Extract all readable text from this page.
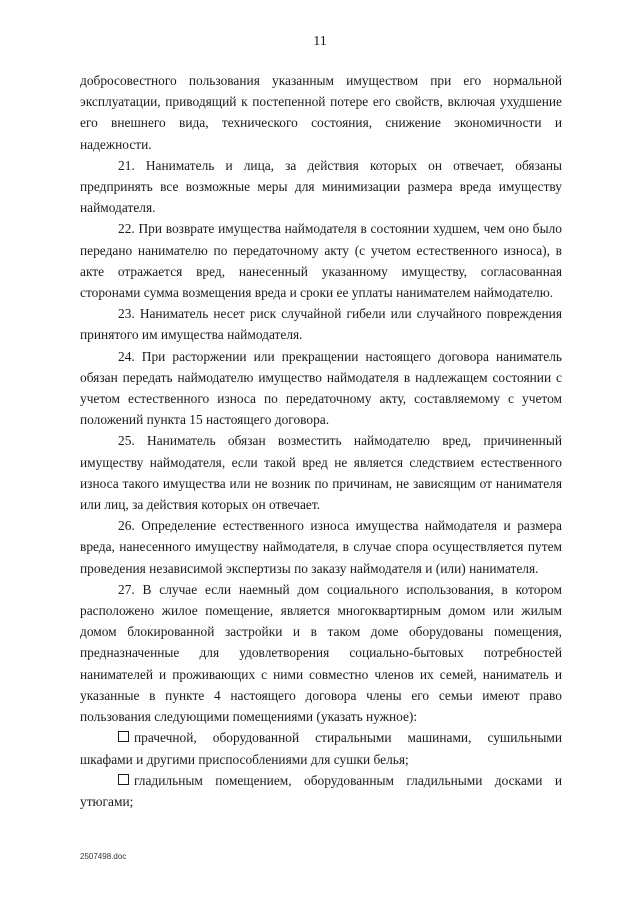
11

добросовестного пользования указанным имуществом при его нормальной эксплуатации, приводящий к постепенной потере его свойств, включая ухудшение его внешнего вида, технического состояния, снижение экономичности и надежности.

21. Наниматель и лица, за действия которых он отвечает, обязаны предпринять все возможные меры для минимизации размера вреда имуществу наймодателя.

22. При возврате имущества наймодателя в состоянии худшем, чем оно было передано нанимателю по передаточному акту (с учетом естественного износа), в акте отражается вред, нанесенный указанному имуществу, согласованная сторонами сумма возмещения вреда и сроки ее уплаты нанимателем наймодателю.

23. Наниматель несет риск случайной гибели или случайного повреждения принятого им имущества наймодателя.

24. При расторжении или прекращении настоящего договора наниматель обязан передать наймодателю имущество наймодателя в надлежащем состоянии с учетом естественного износа по передаточному акту, составляемому с учетом положений пункта 15 настоящего договора.

25. Наниматель обязан возместить наймодателю вред, причиненный имуществу наймодателя, если такой вред не является следствием естественного износа такого имущества или не возник по причинам, не зависящим от нанимателя или лиц, за действия которых он отвечает.

26. Определение естественного износа имущества наймодателя и размера вреда, нанесенного имуществу наймодателя, в случае спора осуществляется путем проведения независимой экспертизы по заказу наймодателя и (или) нанимателя.

27. В случае если наемный дом социального использования, в котором расположено жилое помещение, является многоквартирным домом или жилым домом блокированной застройки и в таком доме оборудованы помещения, предназначенные для удовлетворения социально-бытовых потребностей нанимателей и проживающих с ними совместно членов их семей, наниматель и указанные в пункте 4 настоящего договора члены его семьи имеют право пользования следующими помещениями (указать нужное):

прачечной, оборудованной стиральными машинами, сушильными шкафами и другими приспособлениями для сушки белья;

гладильным помещением, оборудованным гладильными досками и утюгами;

2507498.doc
